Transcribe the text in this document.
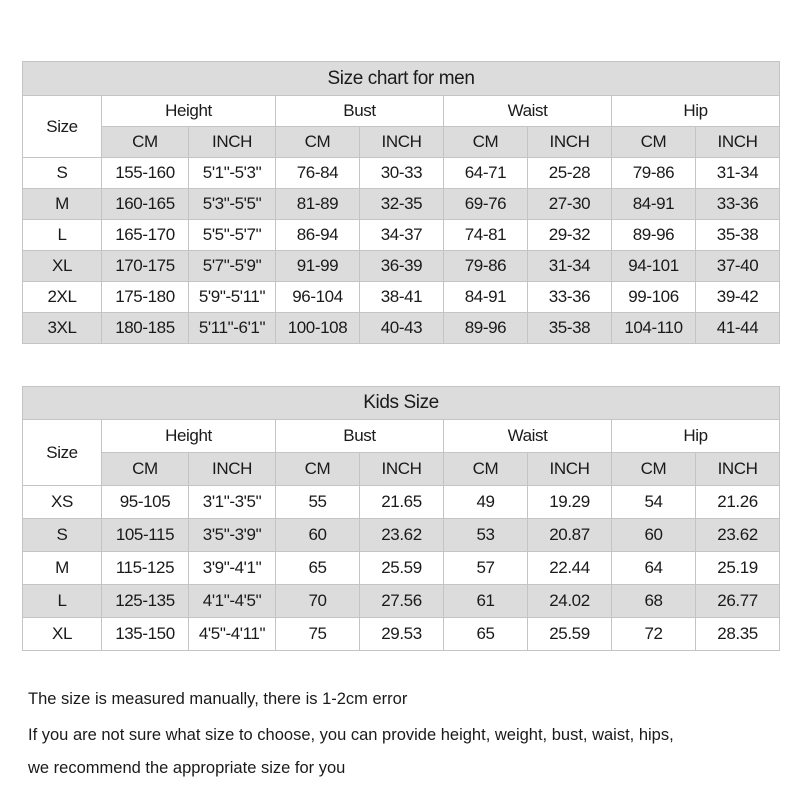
Size chart for men								
Size	Height		Bust		Waist		Hip	
	CM	INCH	CM	INCH	CM	INCH	CM	INCH
S	155-160	5'1"-5'3"	76-84	30-33	64-71	25-28	79-86	31-34
M	160-165	5'3"-5'5"	81-89	32-35	69-76	27-30	84-91	33-36
L	165-170	5'5"-5'7"	86-94	34-37	74-81	29-32	89-96	35-38
XL	170-175	5'7"-5'9"	91-99	36-39	79-86	31-34	94-101	37-40
2XL	175-180	5'9"-5'11"	96-104	38-41	84-91	33-36	99-106	39-42
3XL	180-185	5'11"-6'1"	100-108	40-43	89-96	35-38	104-110	41-44
Kids Size								
Size	Height		Bust		Waist		Hip	
	CM	INCH	CM	INCH	CM	INCH	CM	INCH
XS	95-105	3'1"-3'5"	55	21.65	49	19.29	54	21.26
S	105-115	3'5"-3'9"	60	23.62	53	20.87	60	23.62
M	115-125	3'9"-4'1"	65	25.59	57	22.44	64	25.19
L	125-135	4'1"-4'5"	70	27.56	61	24.02	68	26.77
XL	135-150	4'5"-4'11"	75	29.53	65	25.59	72	28.35
The size is measured manually, there is 1-2cm error
If you are not sure what size to choose, you can provide height, weight, bust, waist, hips,
we recommend the appropriate size for you
